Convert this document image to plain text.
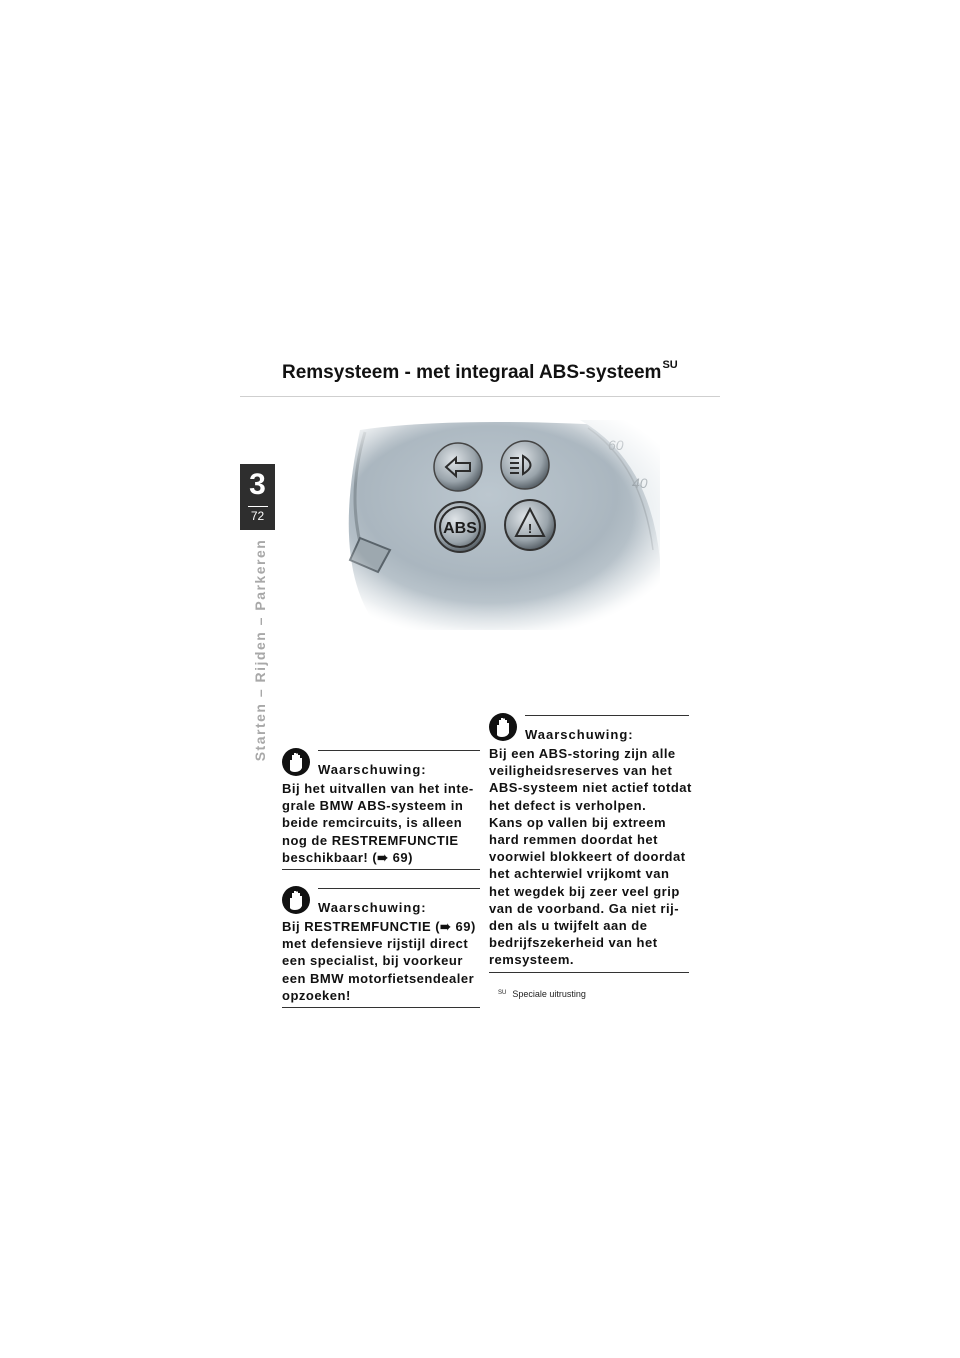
Remsysteem - met integraal ABS-systeem$^{SU}$
3
72
Starten – Rijden – Parkeren
Waarschuwing:
Bij het uitvallen van het inte-
grale BMW ABS-systeem in
beide remcircuits, is alleen
nog de RESTREMFUNCTIE
beschikbaar! (➠ 69)
Waarschuwing:
Bij RESTREMFUNCTIE (➠ 69)
met defensieve rijstijl direct
een specialist, bij voorkeur
een BMW motorfietsendealer
opzoeken!
Waarschuwing:
Bij een ABS-storing zijn alle
veiligheidsreserves van het
ABS-systeem niet actief totdat
het defect is verholpen.
Kans op vallen bij extreem
hard remmen doordat het
voorwiel blokkeert of doordat
het achterwiel vrijkomt van
het wegdek bij zeer veel grip
van de voorband. Ga niet rij-
den als u twijfelt aan de
bedrijfszekerheid van het
remsysteem.
$^{SU}$ Speciale uitrusting
